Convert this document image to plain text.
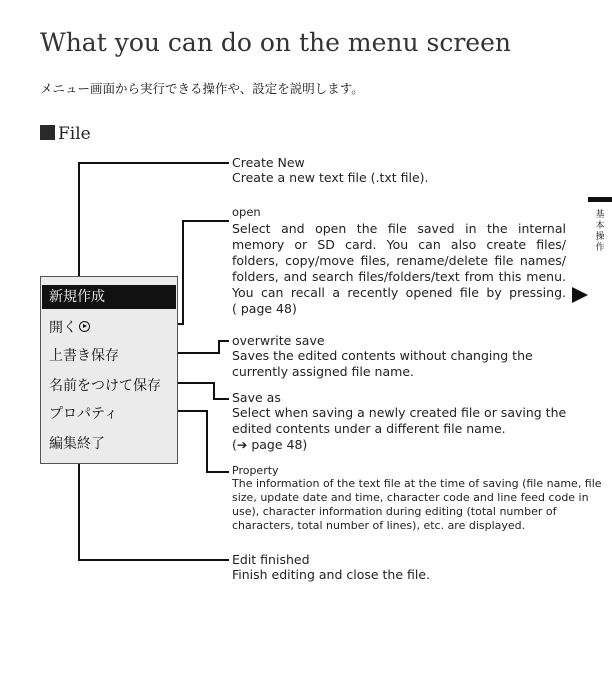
What you can do on the menu screen
メニュー画面から実行できる操作や、設定を説明します。
File
新規作成
開く
上書き保存
名前をつけて保存
プロパティ
編集終了
Create New
Create a new text file (.txt file).
open
Select and open the file saved in the internal
memory or SD card. You can also create files/
folders, copy/move files, rename/delete file names/
folders, and search files/folders/text from this menu.
You can recall a recently opened file by pressing.
( page 48)
overwrite save
Saves the edited contents without changing the
currently assigned file name.
Save as
Select when saving a newly created file or saving the
edited contents under a different file name.
(➔ page 48)
Property
The information of the text file at the time of saving (file name, file
size, update date and time, character code and line feed code in
use), character information during editing (total number of
characters, total number of lines), etc. are displayed.
Edit finished
Finish editing and close the file.
基本操作
